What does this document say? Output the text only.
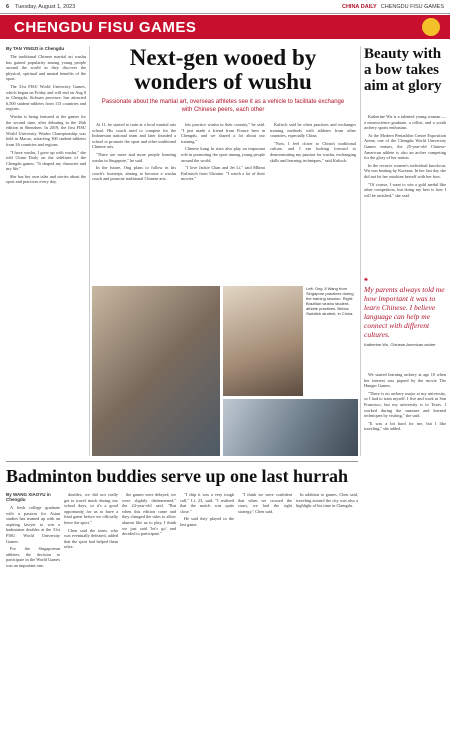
6 Tuesday, August 1, 2023	CHINA DAILY CHENGDU FISU GAMES
CHENGDU FISU GAMES
By TAN YINGZI in Chengdu

The traditional Chinese martial art wushu has gained popularity among young people around the world as they discover the physical, spiritual and mental benefits of the sport.

The 31st FISU World University Games, which began on Friday and will end on Aug 8 in Chengdu, Sichuan province, has attracted 6,500 student-athletes from 113 countries and regions.

Wushu is being featured at the games for the second time, after debuting in the 26th edition in Shenzhen. In 2019, the first FISU World University Wushu Championship was held in Macao, attracting 300 student-athletes from 26 countries and regions.

"I have wushu, I grew up with wushu," she told China Daily on the sidelines of the Chengdu games. "It shaped my character and my life."

She has her own tales and stories about the sport and practices every day.

Next-gen wooed by wonders of wushu
Passionate about the martial art, overseas athletes see it as a vehicle to facilitate exchange with Chinese peers, each other

At 11, he started to train at a local martial arts school. His coach used to compete for the Indonesian national team and later founded a school to promote the sport and other traditional Chinese arts.

"There are more and more people learning wushu in Singapore," he said.

In the future, Ong plans to follow in his coach's footsteps, aiming to become a wushu coach and promote traditional Chinese arts.

lets practice wushu in their country," he said. "I just made a friend from France here in Chengdu, and we shared a lot about our training."

Chinese kung fu stars also play an important role in promoting the sport among young people around the world.

"I love Jackie Chan and Jet Li," said Mbimi Kulinisch from Ukraine. "I watch a lot of their movies."

Kulisch said he often practises and exchanges training methods with athletes from other countries, especially China.

"Now, I feel closer to China's traditional culture, and I am looking forward to demonstrating my passion for wushu, exchanging skills and learning techniques," said Kulisch.

Left: Ong Ji Wang from Singapore practices during the training session. Right: Brazilian wushu student-athlete practices. Below: Swedish student, in China.
Beauty with a bow takes aim at glory

Katherine Wu is a talented young woman — a neuroscience graduate, a cellist, and a youth archery sports enthusiast.

At the Modern Pentathlon Centre Exposition Arena, one of the Chengdu World University Games venues, the 25-year-old Chinese-American athlete is also an archer competing for the glory of her nation.

In the recurve women's individual knockout, Wu was beating by Koreans. In her last day she did not let her outshine herself with her bow.

"Of course, I want to win a gold medal like other competitors, but doing my best is how I will be satisfied," she said.

❝
My parents always told me how important it was to learn Chinese. I believe language can help me connect with different cultures.
Katherine Wu, Chinese-American archer

We started learning archery at age 10 when her interest was piqued by the movie The Hunger Games.

"There is no archery major at my university, so I had to train myself. I live and work in San Francisco, but my university is in Texas. I worked during the summer and learned techniques by visiting," she said.

"It was a bit hard for me, but I like traveling," she added.

Badminton buddies serve up one last hurrah
By WANG XIAOYU in Chengdu

A fresh college graduate with a passion for Asian studies has teamed up with an aspiring lawyer to win a badminton doubles at the 31st FISU World University Games.

For the Singaporean athletes, the decision to participate in the World Games was an important one.

doubles, we did not really get to travel much during our school days, so it's a good opportunity for us to have a final game before we officially leave the sport."

Chen said the team, who was eventually defeated, added that the sport had helped them relax.

the games were delayed, we were slightly disheartened," the 24-year-old said. "But when this edition came and they changed the rules to allow alumni like us to play, I think we just said 'let's go' and decided to participate."

"I ship it was a very tough call," Li, 23, said. "I realised that the match was quite close."

He said they played in the last game.

"I think we were confident that when we crossed the court, we had the right strategy," Chen said.

In addition to games, Chen said, traveling around the city was also a highlight of his time in Chengdu.
